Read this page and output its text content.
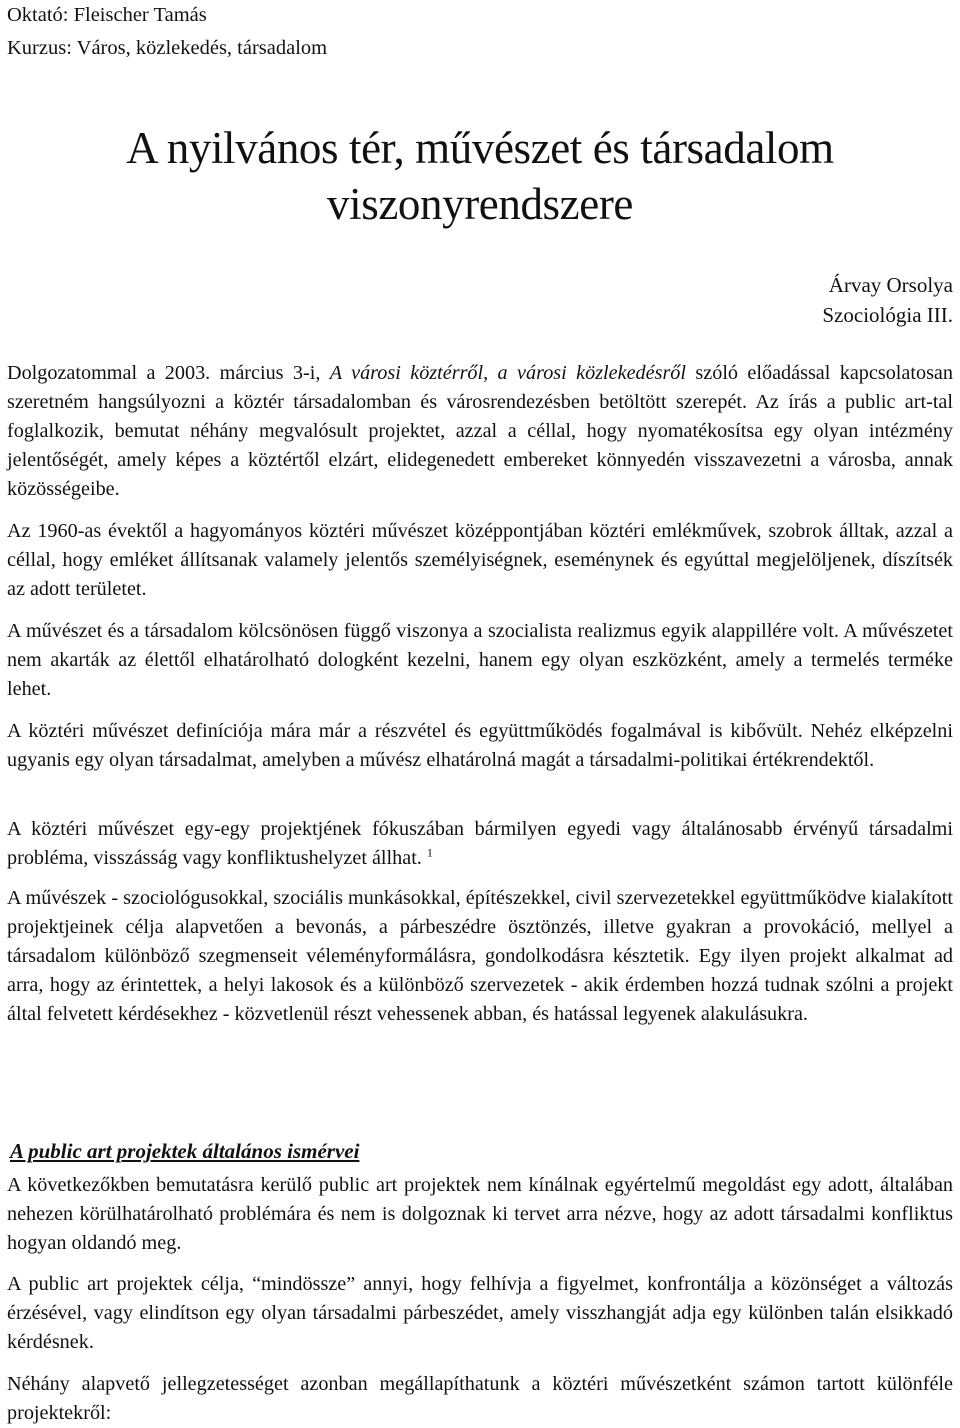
Oktató: Fleischer Tamás
Kurzus: Város, közlekedés, társadalom
A nyilvános tér, művészet és társadalom
viszonyrendszere
Árvay Orsolya
Szociológia III.
Dolgozatommal a 2003. március 3-i, A városi köztérről, a városi közlekedésről szóló előadással kapcsolatosan szeretném hangsúlyozni a köztér társadalomban és városrendezésben betöltött szerepét. Az írás a public art-tal foglalkozik, bemutat néhány megvalósult projektet, azzal a céllal, hogy nyomatékosítsa egy olyan intézmény jelentőségét, amely képes a köztértől elzárt, elidegenedett embereket könnyedén visszavezetni a városba, annak közösségeibe.
Az 1960-as évektől a hagyományos köztéri művészet középpontjában köztéri emlékművek, szobrok álltak, azzal a céllal, hogy emléket állítsanak valamely jelentős személyiségnek, eseménynek és egyúttal megjelöljenek, díszítsék az adott területet.
A művészet és a társadalom kölcsönösen függő viszonya a szocialista realizmus egyik alappillére volt. A művészetet nem akarták az élettől elhatárolható dologként kezelni, hanem egy olyan eszközként, amely a termelés terméke lehet.
A köztéri művészet definíciója mára már a részvétel és együttműködés fogalmával is kibővült. Nehéz elképzelni ugyanis egy olyan társadalmat, amelyben a művész elhatárolná magát a társadalmi-politikai értékrendektől.
A köztéri művészet egy-egy projektjének fókuszában bármilyen egyedi vagy általánosabb érvényű társadalmi probléma, visszásság vagy konfliktushelyzet állhat. $^1$
A művészek - szociológusokkal, szociális munkásokkal, építészekkel, civil szervezetekkel együttműködve kialakított projektjeinek célja alapvetően a bevonás, a párbeszédre ösztönzés, illetve gyakran a provokáció, mellyel a társadalom különböző szegmenseit véleményformálásra, gondolkodásra késztetik. Egy ilyen projekt alkalmat ad arra, hogy az érintettek, a helyi lakosok és a különböző szervezetek - akik érdemben hozzá tudnak szólni a projekt által felvetett kérdésekhez - közvetlenül részt vehessenek abban, és hatással legyenek alakulásukra.
A public art projektek általános ismérvei
A következőkben bemutatásra kerülő public art projektek nem kínálnak egyértelmű megoldást egy adott, általában nehezen körülhatárolható problémára és nem is dolgoznak ki tervet arra nézve, hogy az adott társadalmi konfliktus hogyan oldandó meg.
A public art projektek célja, “mindössze” annyi, hogy felhívja a figyelmet, konfrontálja a közönséget a változás érzésével, vagy elindítson egy olyan társadalmi párbeszédet, amely visszhangját adja egy különben talán elsikkadó kérdésnek.
Néhány alapvető jellegzetességet azonban megállapíthatunk a köztéri művészetként számon tartott különféle projektekről:
